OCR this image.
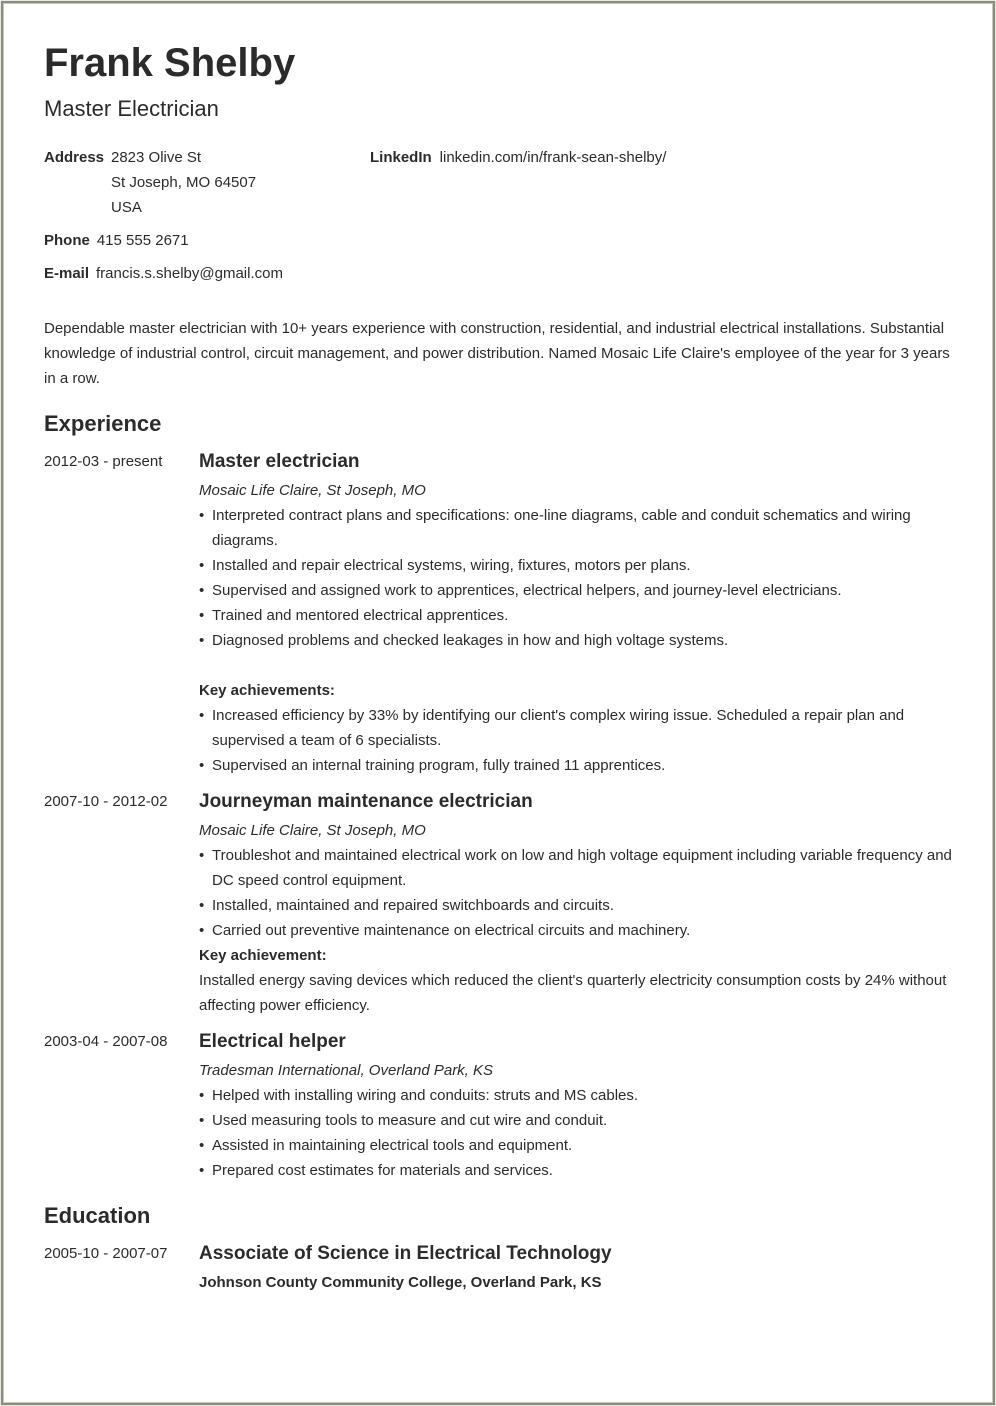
Frank Shelby
Master Electrician
Address 2823 Olive St
St Joseph, MO 64507
USA
LinkedIn linkedin.com/in/frank-sean-shelby/
Phone 415 555 2671
E-mail francis.s.shelby@gmail.com
Dependable master electrician with 10+ years experience with construction, residential, and industrial electrical installations. Substantial knowledge of industrial control, circuit management, and power distribution. Named Mosaic Life Claire's employee of the year for 3 years in a row.
Experience
2012-03 - present Master electrician
Mosaic Life Claire, St Joseph, MO
• Interpreted contract plans and specifications: one-line diagrams, cable and conduit schematics and wiring diagrams.
• Installed and repair electrical systems, wiring, fixtures, motors per plans.
• Supervised and assigned work to apprentices, electrical helpers, and journey-level electricians.
• Trained and mentored electrical apprentices.
• Diagnosed problems and checked leakages in how and high voltage systems.
Key achievements:
• Increased efficiency by 33% by identifying our client's complex wiring issue. Scheduled a repair plan and supervised a team of 6 specialists.
• Supervised an internal training program, fully trained 11 apprentices.
2007-10 - 2012-02 Journeyman maintenance electrician
Mosaic Life Claire, St Joseph, MO
• Troubleshot and maintained electrical work on low and high voltage equipment including variable frequency and DC speed control equipment.
• Installed, maintained and repaired switchboards and circuits.
• Carried out preventive maintenance on electrical circuits and machinery.
Key achievement:
Installed energy saving devices which reduced the client's quarterly electricity consumption costs by 24% without affecting power efficiency.
2003-04 - 2007-08 Electrical helper
Tradesman International, Overland Park, KS
• Helped with installing wiring and conduits: struts and MS cables.
• Used measuring tools to measure and cut wire and conduit.
• Assisted in maintaining electrical tools and equipment.
• Prepared cost estimates for materials and services.
Education
2005-10 - 2007-07 Associate of Science in Electrical Technology
Johnson County Community College, Overland Park, KS
